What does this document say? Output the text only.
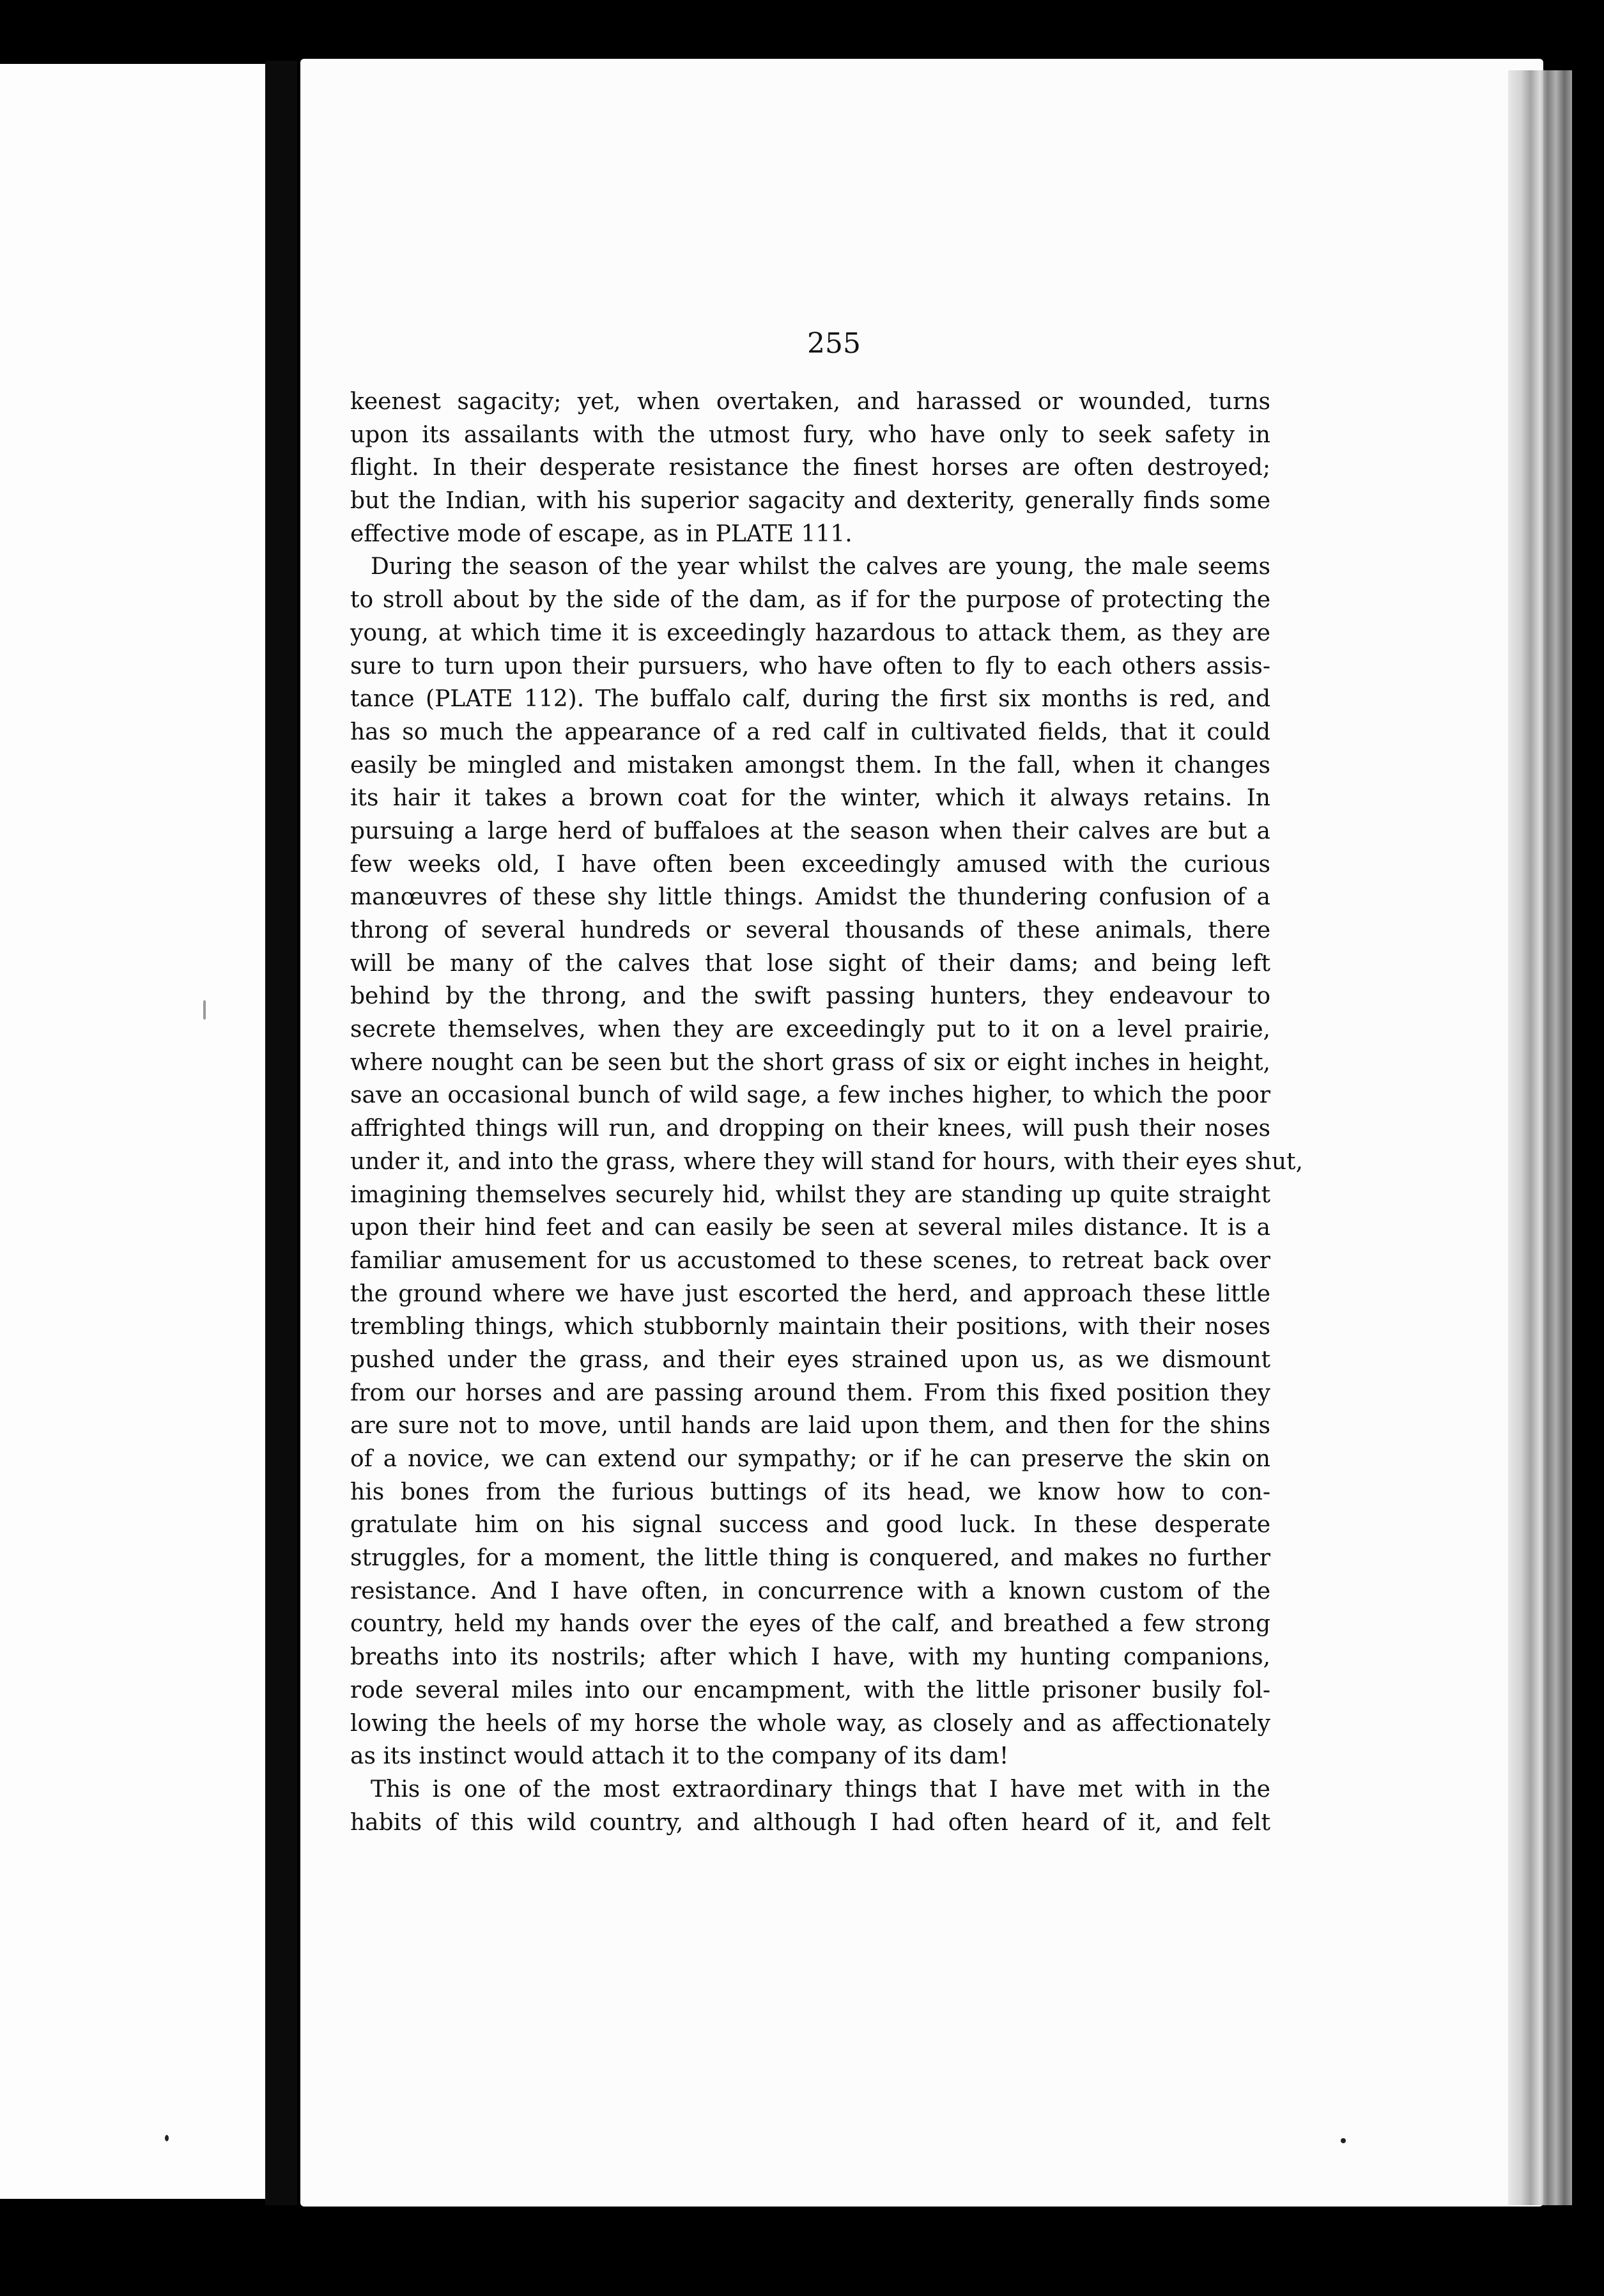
255

keenest sagacity; yet, when overtaken, and harassed or wounded, turns

upon its assailants with the utmost fury, who have only to seek safety in

flight. In their desperate resistance the finest horses are often destroyed;

but the Indian, with his superior sagacity and dexterity, generally finds some

effective mode of escape, as in PLATE 111.

During the season of the year whilst the calves are young, the male seems

to stroll about by the side of the dam, as if for the purpose of protecting the

young, at which time it is exceedingly hazardous to attack them, as they are

sure to turn upon their pursuers, who have often to fly to each others assis-

tance (PLATE 112). The buffalo calf, during the first six months is red, and

has so much the appearance of a red calf in cultivated fields, that it could

easily be mingled and mistaken amongst them. In the fall, when it changes

its hair it takes a brown coat for the winter, which it always retains. In

pursuing a large herd of buffaloes at the season when their calves are but a

few weeks old, I have often been exceedingly amused with the curious

manœuvres of these shy little things. Amidst the thundering confusion of a

throng of several hundreds or several thousands of these animals, there

will be many of the calves that lose sight of their dams; and being left

behind by the throng, and the swift passing hunters, they endeavour to

secrete themselves, when they are exceedingly put to it on a level prairie,

where nought can be seen but the short grass of six or eight inches in height,

save an occasional bunch of wild sage, a few inches higher, to which the poor

affrighted things will run, and dropping on their knees, will push their noses

under it, and into the grass, where they will stand for hours, with their eyes shut,

imagining themselves securely hid, whilst they are standing up quite straight

upon their hind feet and can easily be seen at several miles distance. It is a

familiar amusement for us accustomed to these scenes, to retreat back over

the ground where we have just escorted the herd, and approach these little

trembling things, which stubbornly maintain their positions, with their noses

pushed under the grass, and their eyes strained upon us, as we dismount

from our horses and are passing around them. From this fixed position they

are sure not to move, until hands are laid upon them, and then for the shins

of a novice, we can extend our sympathy; or if he can preserve the skin on

his bones from the furious buttings of its head, we know how to con-

gratulate him on his signal success and good luck. In these desperate

struggles, for a moment, the little thing is conquered, and makes no further

resistance. And I have often, in concurrence with a known custom of the

country, held my hands over the eyes of the calf, and breathed a few strong

breaths into its nostrils; after which I have, with my hunting companions,

rode several miles into our encampment, with the little prisoner busily fol-

lowing the heels of my horse the whole way, as closely and as affectionately

as its instinct would attach it to the company of its dam!

This is one of the most extraordinary things that I have met with in the

habits of this wild country, and although I had often heard of it, and felt
